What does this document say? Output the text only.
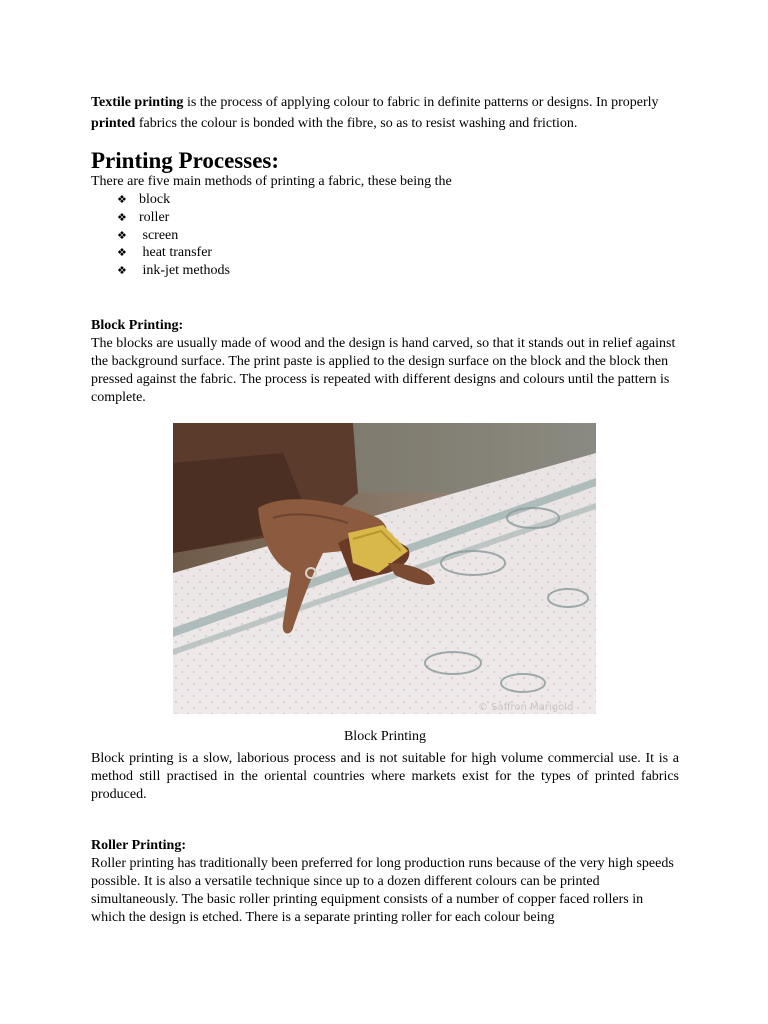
Textile printing is the process of applying colour to fabric in definite patterns or designs. In properly printed fabrics the colour is bonded with the fibre, so as to resist washing and friction.

Printing Processes:

There are five main methods of printing a fabric, these being the

❖ block
❖ roller
❖ screen
❖ heat transfer
❖ ink-jet methods

Block Printing:

The blocks are usually made of wood and the design is hand carved, so that it stands out in relief against the background surface. The print paste is applied to the design surface on the block and the block then pressed against the fabric. The process is repeated with different designs and colours until the pattern is complete.

© Saffron Marigold

Block Printing

Block printing is a slow, laborious process and is not suitable for high volume commercial use. It is a method still practised in the oriental countries where markets exist for the types of printed fabrics produced.

Roller Printing:

Roller printing has traditionally been preferred for long production runs because of the very high speeds possible. It is also a versatile technique since up to a dozen different colours can be printed simultaneously. The basic roller printing equipment consists of a number of copper faced rollers in which the design is etched. There is a separate printing roller for each colour being
